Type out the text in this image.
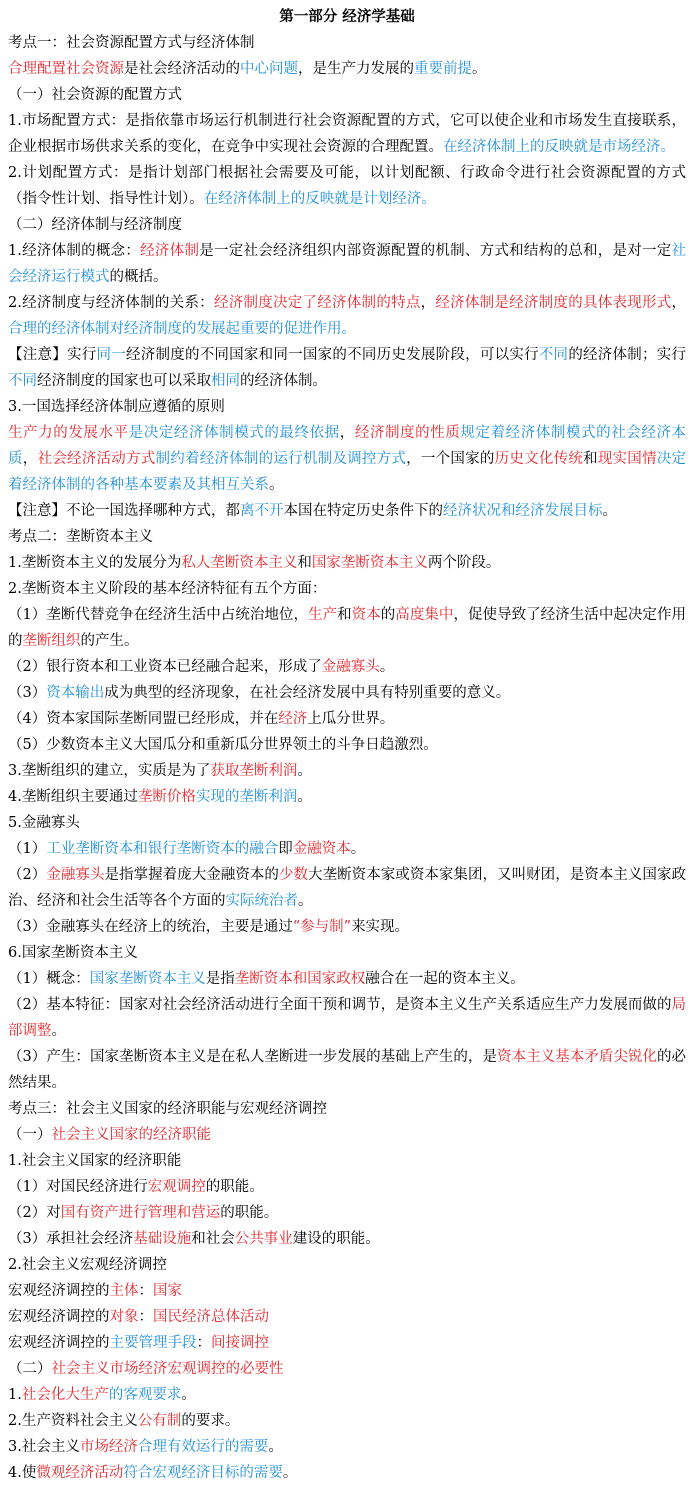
第一部分 经济学基础
考点一：社会资源配置方式与经济体制
合理配置社会资源是社会经济活动的中心问题，是生产力发展的重要前提。
（一）社会资源的配置方式
1.市场配置方式：是指依靠市场运行机制进行社会资源配置的方式，它可以使企业和市场发生直接联系，企业根据市场供求关系的变化，在竞争中实现社会资源的合理配置。在经济体制上的反映就是市场经济。
2.计划配置方式：是指计划部门根据社会需要及可能，以计划配额、行政命令进行社会资源配置的方式（指令性计划、指导性计划）。在经济体制上的反映就是计划经济。
（二）经济体制与经济制度
1.经济体制的概念：经济体制是一定社会经济组织内部资源配置的机制、方式和结构的总和，是对一定社会经济运行模式的概括。
2.经济制度与经济体制的关系：经济制度决定了经济体制的特点，经济体制是经济制度的具体表现形式，合理的经济体制对经济制度的发展起重要的促进作用。
【注意】实行同一经济制度的不同国家和同一国家的不同历史发展阶段，可以实行不同的经济体制；实行不同经济制度的国家也可以采取相同的经济体制。
3.一国选择经济体制应遵循的原则
生产力的发展水平是决定经济体制模式的最终依据，经济制度的性质规定着经济体制模式的社会经济本质，社会经济活动方式制约着经济体制的运行机制及调控方式，一个国家的历史文化传统和现实国情决定着经济体制的各种基本要素及其相互关系。
【注意】不论一国选择哪种方式，都离不开本国在特定历史条件下的经济状况和经济发展目标。
考点二：垄断资本主义
1.垄断资本主义的发展分为私人垄断资本主义和国家垄断资本主义两个阶段。
2.垄断资本主义阶段的基本经济特征有五个方面：
（1）垄断代替竞争在经济生活中占统治地位，生产和资本的高度集中，促使导致了经济生活中起决定作用的垄断组织的产生。
（2）银行资本和工业资本已经融合起来，形成了金融寡头。
（3）资本输出成为典型的经济现象，在社会经济发展中具有特别重要的意义。
（4）资本家国际垄断同盟已经形成，并在经济上瓜分世界。
（5）少数资本主义大国瓜分和重新瓜分世界领土的斗争日趋激烈。
3.垄断组织的建立，实质是为了获取垄断利润。
4.垄断组织主要通过垄断价格实现的垄断利润。
5.金融寡头
（1）工业垄断资本和银行垄断资本的融合即金融资本。
（2）金融寡头是指掌握着庞大金融资本的少数大垄断资本家或资本家集团，又叫财团，是资本主义国家政治、经济和社会生活等各个方面的实际统治者。
（3）金融寡头在经济上的统治，主要是通过“参与制”来实现。
6.国家垄断资本主义
（1）概念：国家垄断资本主义是指垄断资本和国家政权融合在一起的资本主义。
（2）基本特征：国家对社会经济活动进行全面干预和调节，是资本主义生产关系适应生产力发展而做的局部调整。
（3）产生：国家垄断资本主义是在私人垄断进一步发展的基础上产生的，是资本主义基本矛盾尖锐化的必然结果。
考点三：社会主义国家的经济职能与宏观经济调控
（一）社会主义国家的经济职能
1.社会主义国家的经济职能
（1）对国民经济进行宏观调控的职能。
（2）对国有资产进行管理和营运的职能。
（3）承担社会经济基础设施和社会公共事业建设的职能。
2.社会主义宏观经济调控
宏观经济调控的主体：国家
宏观经济调控的对象：国民经济总体活动
宏观经济调控的主要管理手段：间接调控
（二）社会主义市场经济宏观调控的必要性
1.社会化大生产的客观要求。
2.生产资料社会主义公有制的要求。
3.社会主义市场经济合理有效运行的需要。
4.使微观经济活动符合宏观经济目标的需要。
